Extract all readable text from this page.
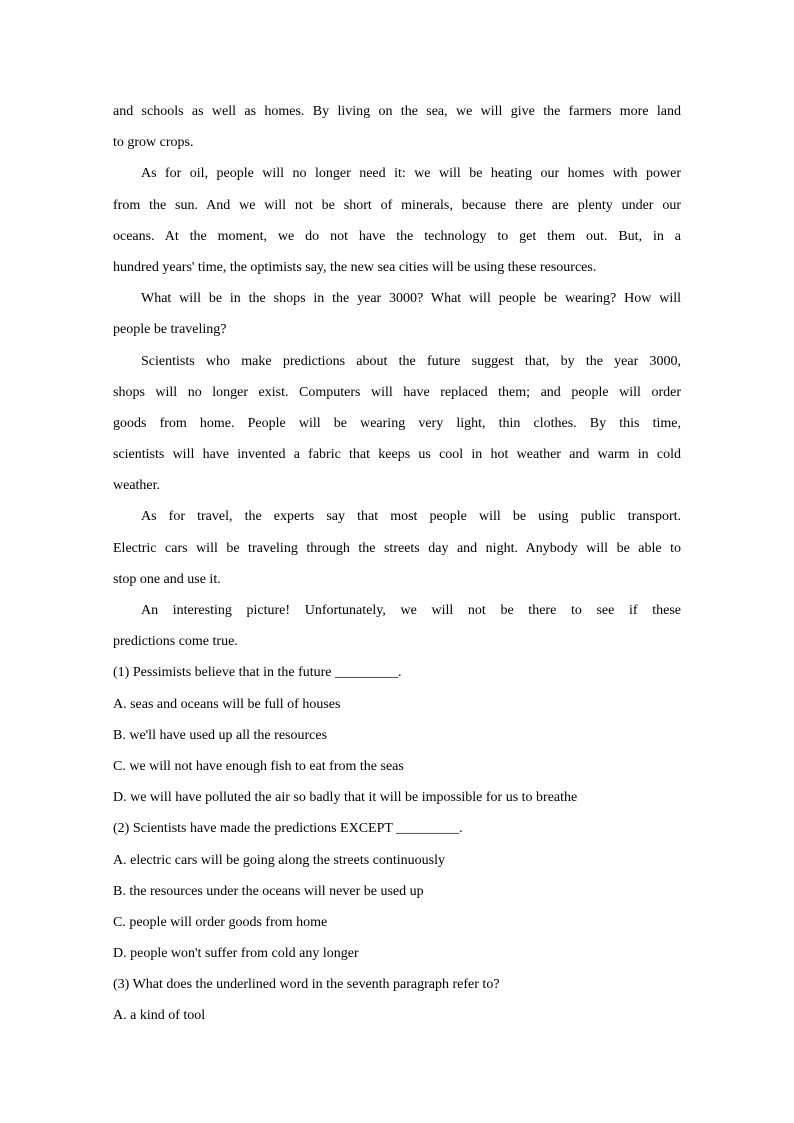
and schools as well as homes. By living on the sea, we will give the farmers more land
to grow crops.
As for oil, people will no longer need it: we will be heating our homes with power
from the sun. And we will not be short of minerals, because there are plenty under our
oceans. At the moment, we do not have the technology to get them out. But, in a
hundred years' time, the optimists say, the new sea cities will be using these resources.
What will be in the shops in the year 3000? What will people be wearing? How will
people be traveling?
Scientists who make predictions about the future suggest that, by the year 3000,
shops will no longer exist. Computers will have replaced them; and people will order
goods from home. People will be wearing very light, thin clothes. By this time,
scientists will have invented a fabric that keeps us cool in hot weather and warm in cold
weather.
As for travel, the experts say that most people will be using public transport.
Electric cars will be traveling through the streets day and night. Anybody will be able to
stop one and use it.
An interesting picture! Unfortunately, we will not be there to see if these
predictions come true.
(1) Pessimists believe that in the future _________.
A. seas and oceans will be full of houses
B. we'll have used up all the resources
C. we will not have enough fish to eat from the seas
D. we will have polluted the air so badly that it will be impossible for us to breathe
(2) Scientists have made the predictions EXCEPT _________.
A. electric cars will be going along the streets continuously
B. the resources under the oceans will never be used up
C. people will order goods from home
D. people won't suffer from cold any longer
(3) What does the underlined word in the seventh paragraph refer to?
A. a kind of tool
